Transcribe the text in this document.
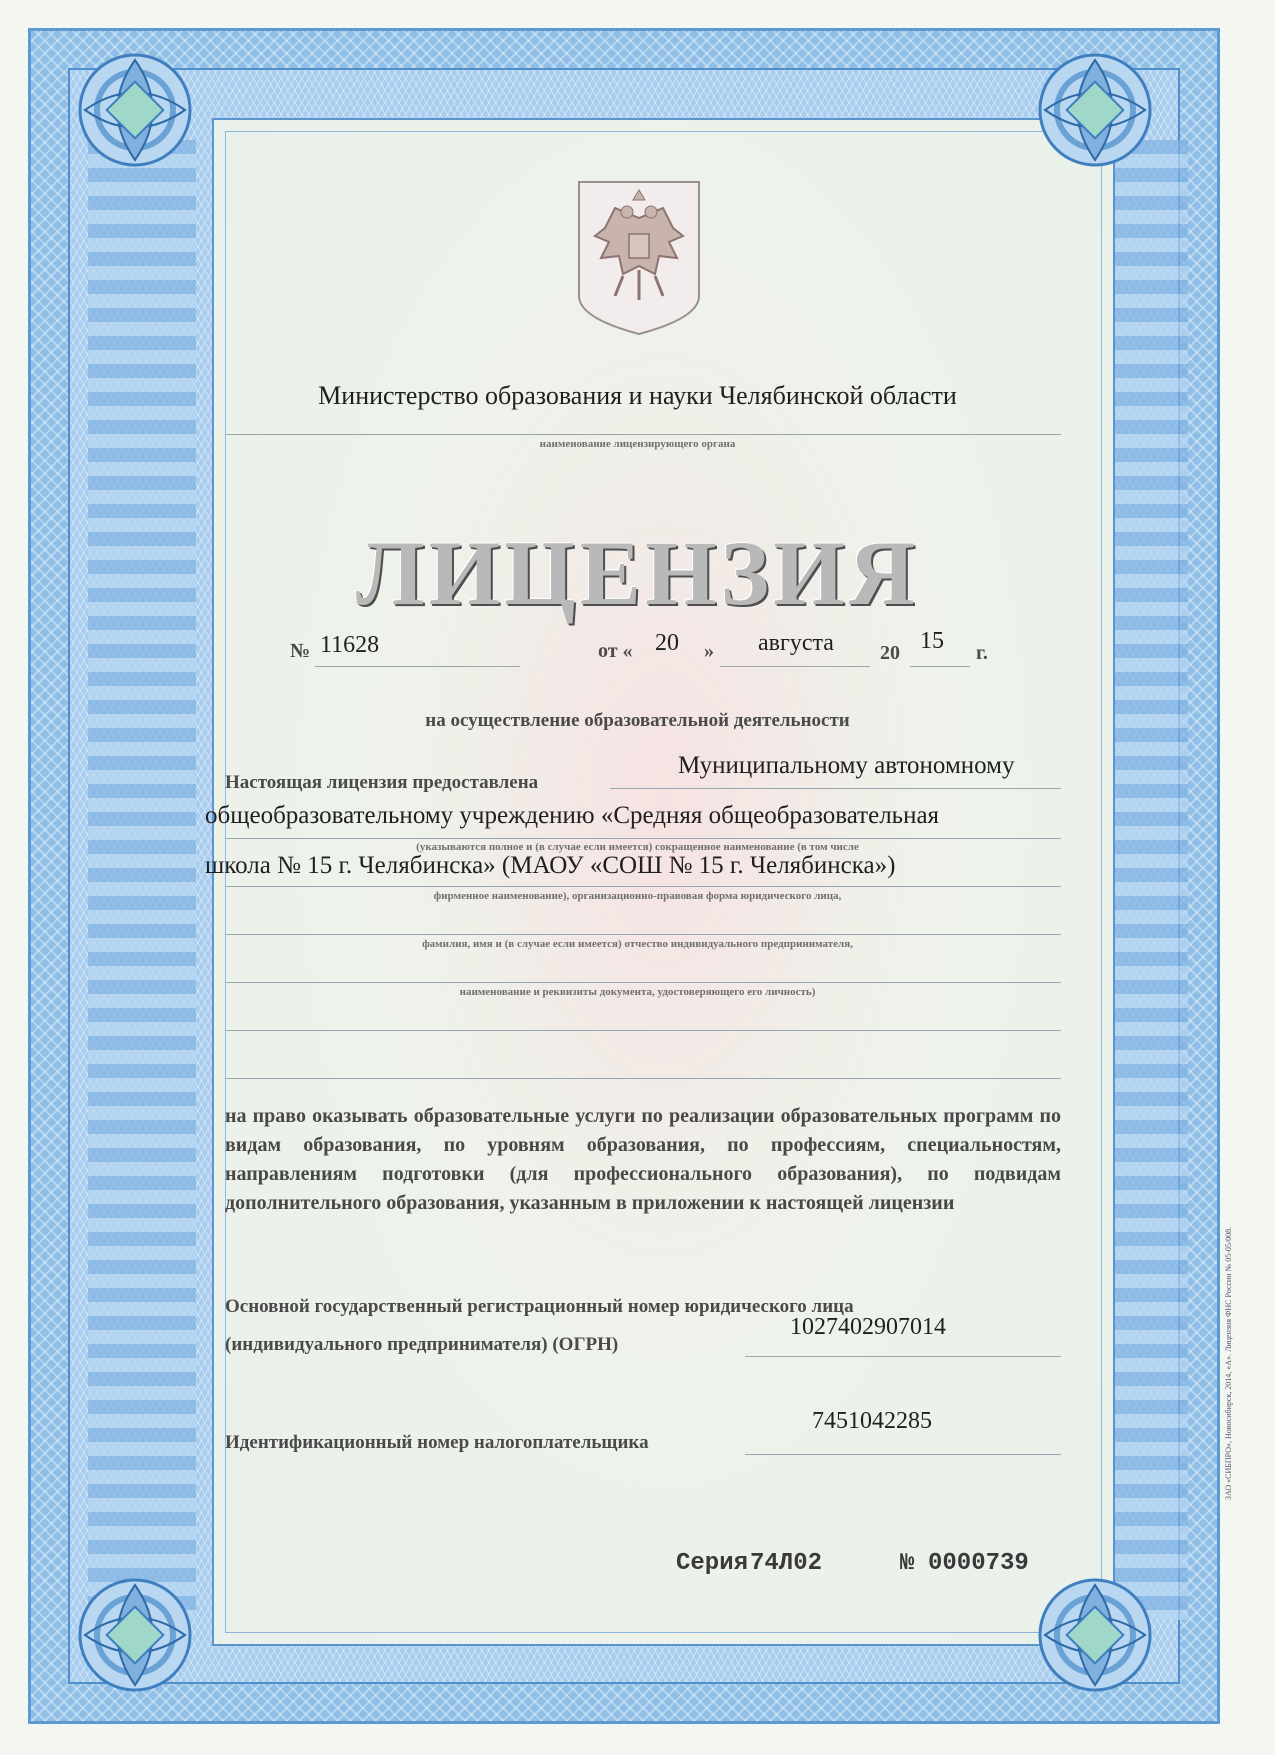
Министерство образования и науки Челябинской области
наименование лицензирующего органа
ЛИЦЕНЗИЯ
№ 11628	от « 20 » августа 20 15 г.
на осуществление образовательной деятельности
Настоящая лицензия предоставлена
Муниципальному автономному
общеобразовательному учреждению «Средняя общеобразовательная
(указываются полное и (в случае если имеется) сокращенное наименование (в том числе
школа № 15 г. Челябинска» (МАОУ «СОШ № 15 г. Челябинска»)
фирменное наименование), организационно-правовая форма юридического лица,
фамилия, имя и (в случае если имеется) отчество индивидуального предпринимателя,
наименование и реквизиты документа, удостоверяющего его личность)
на право оказывать образовательные услуги по реализации образовательных программ по видам образования, по уровням образования, по профессиям, специальностям, направлениям подготовки (для профессионального образования), по подвидам дополнительного образования, указанным в приложении к настоящей лицензии
Основной государственный регистрационный номер юридического лица
(индивидуального предпринимателя) (ОГРН)
1027402907014
Идентификационный номер налогоплательщика
7451042285
Серия 74Л02	№ 0000739
ЗАО «СИБПРО», Новосибирск, 2014, «А». Лицензия ФНС России № 05-05/008.
